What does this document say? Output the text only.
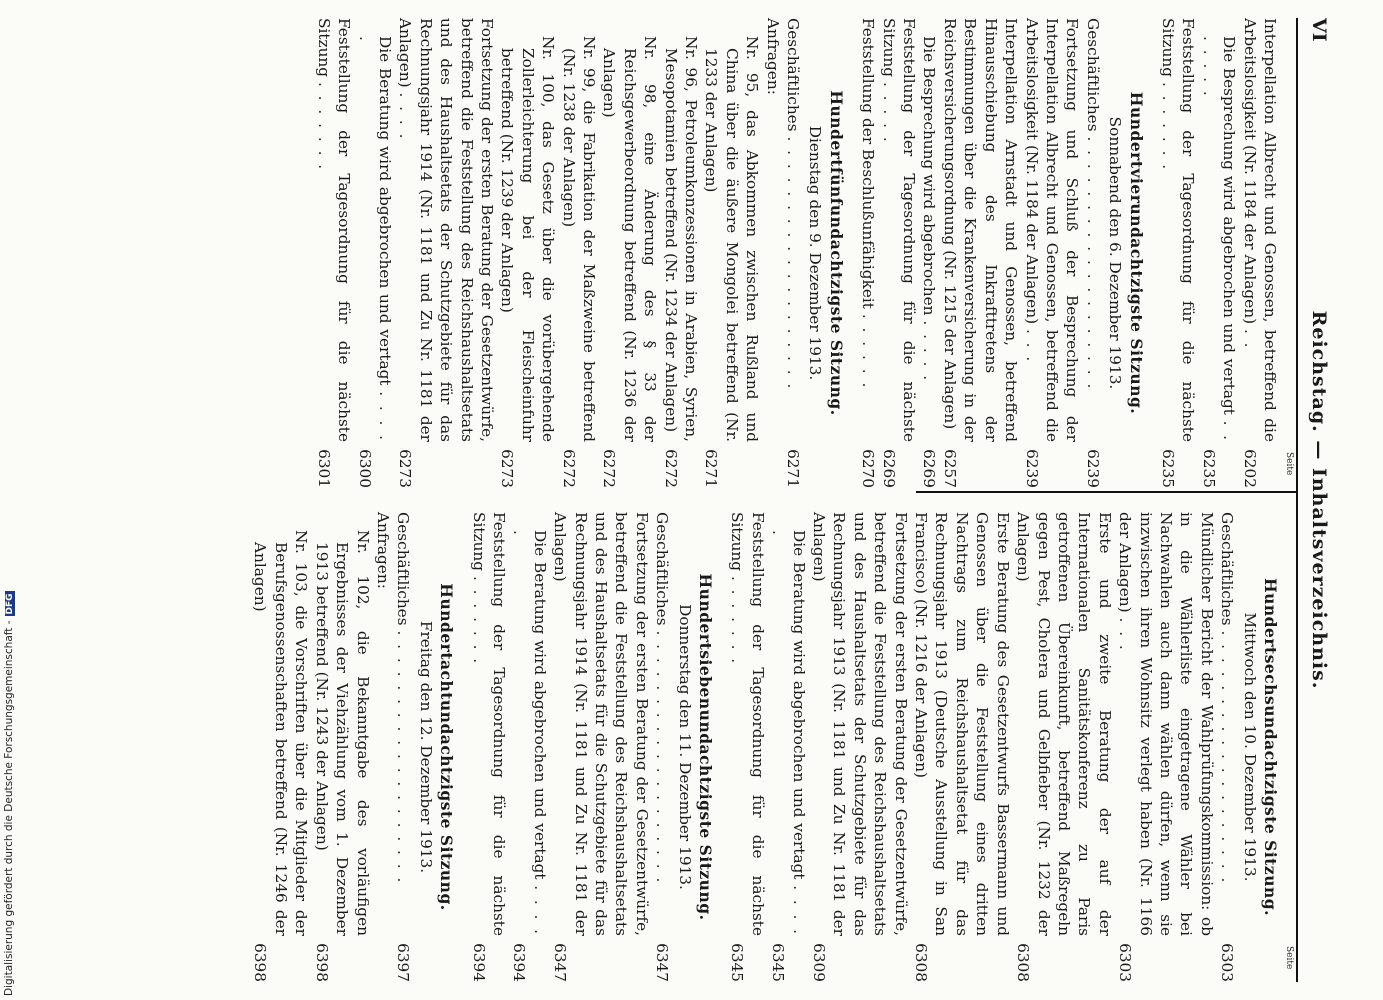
VI
Reichstag. — Inhaltsverzeichnis.
Seite
Seite
Interpellation Albrecht und Genossen, betreffend die Arbeitslosigkeit (Nr. 1184 der Anlagen) . .
6202
Die Besprechung wird abgebrochen und vertagt . . . . . . .
6235
Feststellung der Tagesordnung für die nächste Sitzung . . . . . . .
6235
Hundertvierundachtzigste Sitzung.
Sonnabend den 6. Dezember 1913.
Geschäftliches . . . . . . . . . . . . . . . . . . .
6239
Fortsetzung und Schluß der Besprechung der Interpellation Albrecht und Genossen, betreffend die Arbeitslosigkeit (Nr. 1184 der Anlagen) . . .
6239
Interpellation Arnstadt und Genossen, betreffend Hinausschiebung des Inkrafttretens der Bestimmungen über die Krankenversicherung in der Reichsversicherungsordnung (Nr. 1215 der Anlagen)
6257
Die Besprechung wird abgebrochen . . . . .
6269
Feststellung der Tagesordnung für die nächste Sitzung . . . . .
6269
Feststellung der Beschlußunfähigkeit . . . . . .
6270
Hundertfünfundachtzigste Sitzung.
Dienstag den 9. Dezember 1913.
Geschäftliches . . . . . . . . . . . . . . . . . . .
6271
Anfragen:
Nr. 95, das Abkommen zwischen Rußland und China über die äußere Mongolei betreffend (Nr. 1233 der Anlagen)
6271
Nr. 96, Petroleumkonzessionen in Arabien, Syrien, Mesopotamien betreffend (Nr. 1234 der Anlagen)
6272
Nr. 98, eine Änderung des § 33 der Reichsgewerbeordnung betreffend (Nr. 1236 der Anlagen)
6272
Nr. 99, die Fabrikation der Maßzweine betreffend (Nr. 1238 der Anlagen)
6272
Nr. 100, das Gesetz über die vorübergehende Zollerleichterung bei der Fleischeinfuhr betreffend (Nr. 1239 der Anlagen)
6273
Fortsetzung der ersten Beratung der Gesetzentwürfe, betreffend die Feststellung des Reichshaushaltsetats und des Haushaltsetats der Schutzgebiete für das Rechnungsjahr 1914 (Nr. 1181 und Zu Nr. 1181 der Anlagen) . . . .
6273
Die Beratung wird abgebrochen und vertagt . . . . .
6300
Feststellung der Tagesordnung für die nächste Sitzung . . . . . . .
6301
Hundertsechsundachtzigste Sitzung.
Mittwoch den 10. Dezember 1913.
Geschäftliches . . . . . . . . . . . . . . . . . . .
6303
Mündlicher Bericht der Wahlprüfungskommission: ob in die Wählerliste eingetragene Wähler bei Nachwahlen auch dann wählen dürfen, wenn sie inzwischen ihren Wohnsitz verlegt haben (Nr. 1166 der Anlagen) . . .
6303
Erste und zweite Beratung der auf der Internationalen Sanitätskonferenz zu Paris getroffenen Übereinkunft, betreffend Maßregeln gegen Pest, Cholera und Gelbfieber (Nr. 1232 der Anlagen)
6308
Erste Beratung des Gesetzentwurfs Bassermann und Genossen über die Feststellung eines dritten Nachtrags zum Reichshaushaltsetat für das Rechnungsjahr 1913 (Deutsche Ausstellung in San Francisco) (Nr. 1216 der Anlagen)
6308
Fortsetzung der ersten Beratung der Gesetzentwürfe, betreffend die Feststellung des Reichshaushaltsetats und des Haushaltsetats der Schutzgebiete für das Rechnungsjahr 1913 (Nr. 1181 und Zu Nr. 1181 der Anlagen)
6309
Die Beratung wird abgebrochen und vertagt . . . . .
6345
Feststellung der Tagesordnung für die nächste Sitzung . . . . . . .
6345
Hundertsiebenundachtzigste Sitzung.
Donnerstag den 11. Dezember 1913.
Geschäftliches . . . . . . . . . . . . . . . . . . .
6347
Fortsetzung der ersten Beratung der Gesetzentwürfe, betreffend die Feststellung des Reichshaushaltsetats und des Haushaltsetats für die Schutzgebiete für das Rechnungsjahr 1914 (Nr. 1181 und Zu Nr. 1181 der Anlagen)
6347
Die Beratung wird abgebrochen und vertagt . . . . .
6394
Feststellung der Tagesordnung für die nächste Sitzung . . . . . . .
6394
Hundertachtundachtzigste Sitzung.
Freitag den 12. Dezember 1913.
Geschäftliches . . . . . . . . . . . . . . . . . . .
6397
Anfragen:
Nr. 102, die Bekanntgabe des vorläufigen Ergebnisses der Viehzählung vom 1. Dezember 1913 betreffend (Nr. 1243 der Anlagen)
6398
Nr. 103, die Vorschriften über die Mitglieder der Berufsgenossenschaften betreffend (Nr. 1246 der Anlagen)
6398
Digitalisierung gefördert durch die Deutsche Forschungsgemeinschaft -DFG
